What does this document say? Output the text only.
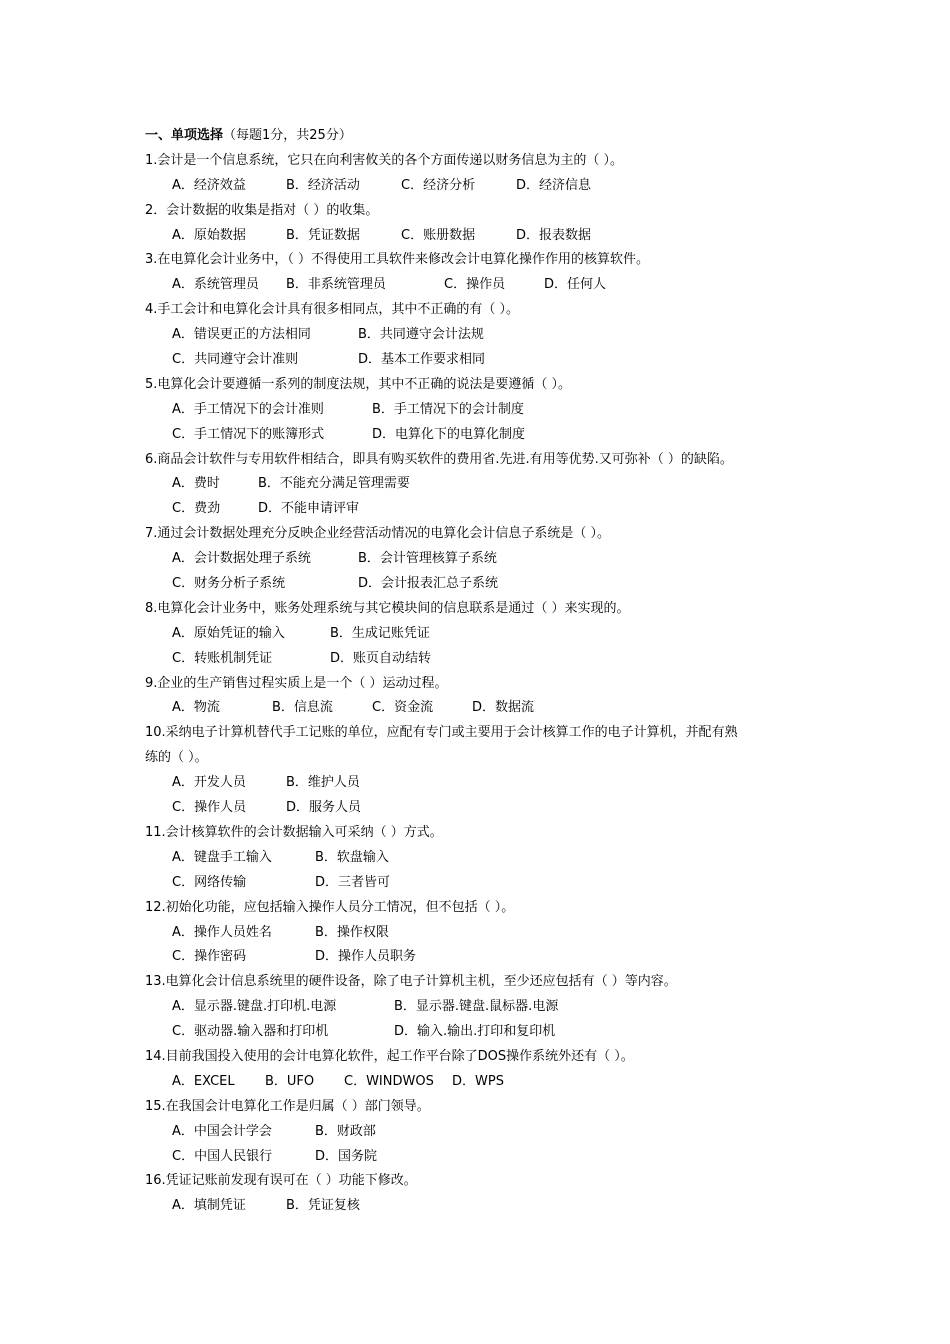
一、单项选择（每题1分，共25分）
1.会计是一个信息系统，它只在向利害攸关的各个方面传递以财务信息为主的（ ）。
A．经济效益	B．经济活动	C．经济分析	D．经济信息
2．会计数据的收集是指对（ ）的收集。
A．原始数据	B．凭证数据	C．账册数据	D．报表数据
3.在电算化会计业务中，（ ）不得使用工具软件来修改会计电算化操作作用的核算软件。
A．系统管理员 B．非系统管理员	C．操作员	D．任何人
4.手工会计和电算化会计具有很多相同点，其中不正确的有（ ）。
A．错误更正的方法相同	B．共同遵守会计法规
C．共同遵守会计准则	D．基本工作要求相同
5.电算化会计要遵循一系列的制度法规，其中不正确的说法是要遵循（ ）。
A．手工情况下的会计准则	B．手工情况下的会计制度
C．手工情况下的账簿形式	D．电算化下的电算化制度
6.商品会计软件与专用软件相结合，即具有购买软件的费用省.先进.有用等优势.又可弥补（ ）的缺陷。
A．费时	B．不能充分满足管理需要
C．费劲	D．不能申请评审
7.通过会计数据处理充分反映企业经营活动情况的电算化会计信息子系统是（ ）。
A．会计数据处理子系统	B．会计管理核算子系统
C．财务分析子系统	D．会计报表汇总子系统
8.电算化会计业务中，账务处理系统与其它模块间的信息联系是通过（ ）来实现的。
A．原始凭证的输入	B．生成记账凭证
C．转账机制凭证	D．账页自动结转
9.企业的生产销售过程实质上是一个（ ）运动过程。
A．物流	B．信息流	C．资金流	D．数据流
10.采纳电子计算机替代手工记账的单位，应配有专门或主要用于会计核算工作的电子计算机，并配有熟
练的（ ）。
A．开发人员	B．维护人员
C．操作人员	D．服务人员
11.会计核算软件的会计数据输入可采纳（ ）方式。
A．键盘手工输入	B．软盘输入
C．网络传输	D．三者皆可
12.初始化功能，应包括输入操作人员分工情况，但不包括（ ）。
A．操作人员姓名	B．操作权限
C．操作密码	D．操作人员职务
13.电算化会计信息系统里的硬件设备，除了电子计算机主机，至少还应包括有（ ）等内容。
A．显示器.键盘.打印机.电源	B．显示器.键盘.鼠标器.电源
C．驱动器.输入器和打印机	D．输入.输出.打印和复印机
14.目前我国投入使用的会计电算化软件，起工作平台除了DOS操作系统外还有（ ）。
A．EXCEL B．UFO C．WINDWOS D．WPS
15.在我国会计电算化工作是归属（ ）部门领导。
A．中国会计学会	B．财政部
C．中国人民银行	D．国务院
16.凭证记账前发现有误可在（ ）功能下修改。
A．填制凭证	B．凭证复核
